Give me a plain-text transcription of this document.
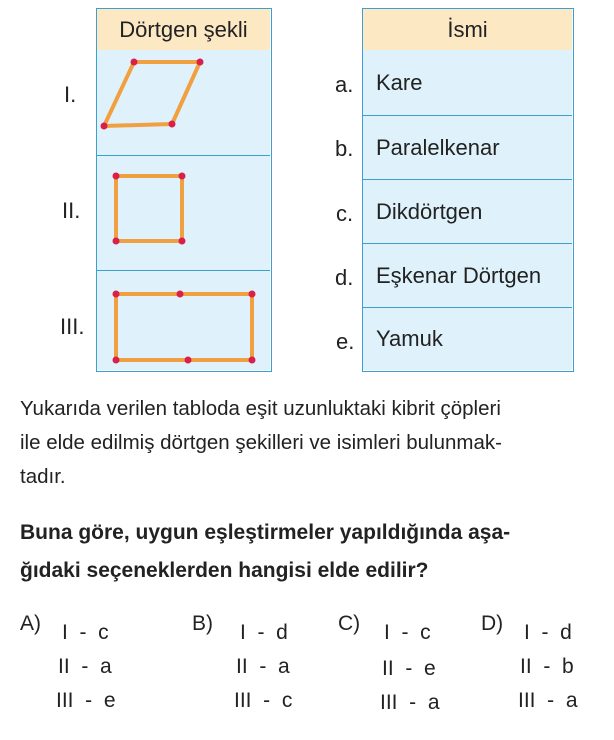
Dörtgen şekli
I.
II.
III.
İsmi
a.
b.
c.
d.
e.
Kare
Paralelkenar
Dikdörtgen
Eşkenar Dörtgen
Yamuk
Yukarıda verilen tabloda eşit uzunluktaki kibrit çöpleri
ile elde edilmiş dörtgen şekilleri ve isimleri bulunmak-
tadır.
Buna göre, uygun eşleştirmeler yapıldığında aşa-
ğıdaki seçeneklerden hangisi elde edilir?
A) I  -  c
II  -  a
III  -  e
B) I  -  d
II  -  a
III  -  c
C) I  -  c
II  -  e
III  -  a
D) I  -  d
II  -  b
III  -  a
